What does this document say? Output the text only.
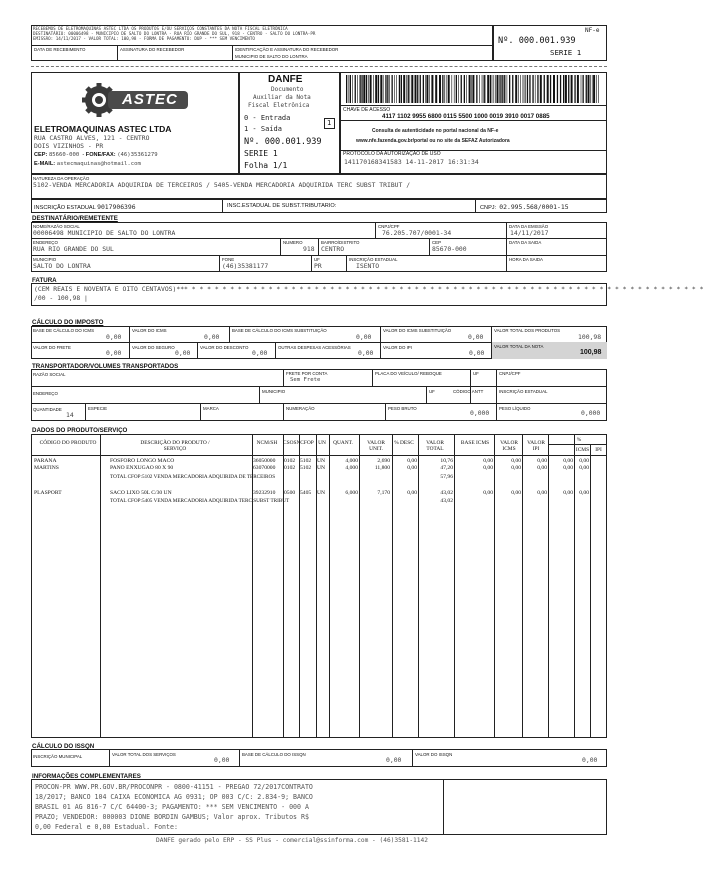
RECEBEMOS DE ELETROMAQUINAS ASTEC LTDA OS PRODUTOS E/OU SERVIÇOS CONSTANTES DA NOTA FISCAL ELETRÔNICA
DESTINATÁRIO: 00006498 - MUNICIPIO DE SALTO DO LONTRA - RUA RIO GRANDE DO SUL, 918 - CENTRO - SALTO DO LONTRA-PR
EMISSÃO: 14/11/2017 - VALOR TOTAL: 100,98 - FORMA DE PAGAMENTO: DUP - *** SEM VENCIMENTO
DATA DE RECEBIMENTO	ASSINATURA DO RECEBEDOR	IDENTIFICAÇÃO E ASSINATURA DO RECEBEDOR
MUNICIPIO DE SALTO DO LONTRA
NF-e
Nº. 000.001.939
SERIE 1
ASTEC
ELETROMAQUINAS ASTEC LTDA
RUA CASTRO ALVES, 121 - CENTRO
DOIS VIZINHOS - PR
CEP: 85660-000  - FONE/FAX: (46)35361279
E-MAIL: astecmaquinas@hotmail.com
DANFE
Documento
Auxiliar da Nota
Fiscal Eletrônica
0 - Entrada
1 - Saída
1
Nº. 000.001.939
SERIE 1
Folha 1/1
CHAVE DE ACESSO
4117 1102 9955 6800 0115 5500 1000 0019 3910 0017 0885
Consulta de autenticidade no portal nacional da NF-e
www.nfe.fazenda.gov.br/portal ou no site da SEFAZ Autorizadora
PROTOCOLO DA AUTORIZAÇÃO DE USO
141170168341583 14-11-2017 16:31:34
NATUREZA DA OPERAÇÃO
5102-VENDA MERCADORIA ADQUIRIDA DE TERCEIROS / 5405-VENDA MERCADORIA ADQUIRIDA TERC SUBST TRIBUT /
INSCRIÇÃO ESTADUAL 9017906396	INSC.ESTADUAL DE SUBST.TRIBUTARIO:	CNPJ: 02.995.568/0001-15
DESTINATÁRIO/REMETENTE
NOME/RAZÃO SOCIAL
00006498 MUNICIPIO DE SALTO DO LONTRA
CNPJ/CPF
76.205.707/0001-34
DATA DA EMISSÃO
14/11/2017
ENDEREÇO
RUA RIO GRANDE DO SUL
NUMERO
918
BAIRRO/DISTRITO
CENTRO
CEP
85670-000
DATA DA SAIDA
MUNICIPIO
SALTO DO LONTRA
FONE
(46)35381177
UF
PR
INSCRIÇÃO ESTADUAL
ISENTO
HORA DA SAIDA
FATURA
(CEM REAIS E NOVENTA E OITO CENTAVOS)*** * * * * * * * * * * * * * * * * * * * * * * * * * * * * * * * * * * * * * * * * * * * * * * * * * * * * * * * * * * * * * * * * * * *
/00 - 100,98 |
CÁLCULO DO IMPOSTO
BASE DE CÁLCULO DO ICMS
0,00
VALOR DO ICMS
0,00
BASE DE CÁLCULO DO ICMS SUBSTITUIÇÃO
0,00
VALOR DO ICMS SUBSTITUIÇÃO
0,00
VALOR TOTAL DOS PRODUTOS
100,98
VALOR DO FRETE
0,00
VALOR DO SEGURO
0,00
VALOR DO DESCONTO
0,00
OUTRAS DESPESAS ACESSÓRIAS
0,00
VALOR DO IPI
0,00
VALOR TOTAL DA NOTA
100,98
TRANSPORTADOR/VOLUMES TRANSPORTADOS
RAZÃO SOCIAL	FRETE POR CONTA
Sem Frete
PLACA DO VEÍCULO/ REBOQUE	UF	CNPJ/CPF
ENDEREÇO	MUNICIPIO	UF	CÓDIGO ANTT	INSCRIÇÃO ESTADUAL
QUANTIDADE
14
ESPECIE	MARCA	NUMERAÇÃO	PESO BRUTO
0,000
PESO LÍQUIDO
0,000
DADOS DO PRODUTO/SERVIÇO
CÓDIGO DO PRODUTO	DESCRIÇÃO DO PRODUTO / SERVIÇO
NCM/SH	CSOSN CFOP UN	QUANT.	VALOR UNIT.
% DESC	VALOR TOTAL
BASE ICMS	VALOR ICMS
VALOR IPI
%
ICMS	IPI
PARANA	FOSFORO LONGO MACO	36050000	0102 5102	UN	4,000	2,690	0,00	10,76	0,00	0,00	0,00	0,00	0,00
MARTINS	PANO ENXUGAO 80 X 90	63070000	0102 5102	UN	4,000	11,800	0,00	47,20	0,00	0,00	0,00	0,00	0,00
TOTAL CFOP:5102 VENDA MERCADORIA ADQUIRIDA DE TERCEIROS	57,96
PLASPORT	SACO LIXO 50L C/30 UN	39232910	0500 5405	UN	6,000	7,170	0,00	43,02	0,00	0,00	0,00	0,00	0,00
TOTAL CFOP:5405 VENDA MERCADORIA ADQUIRIDA TERC SUBST TRIBUT	43,02
CÁLCULO DO ISSQN
INSCRIÇÃO MUNICIPAL	VALOR TOTAL DOS SERVIÇOS
0,00
BASE DE CÁLCULO DO ISSQN
0,00
VALOR DO ISSQN
0,00
INFORMAÇÕES COMPLEMENTARES
PROCON-PR WWW.PR.GOV.BR/PROCONPR - 0800-41151 - PREGAO 72/2017CONTRATO
18/2017; BANCO 104 CAIXA ECONOMICA AG 0931; OP 003 C/C: 2.834-9; BANCO
BRASIL 01 AG 816-7 C/C 64400-3; PAGAMENTO: *** SEM VENCIMENTO - 000 A
PRAZO; VENDEDOR: 000003 DIONE BORDIN GAMBUS; Valor aprox. Tributos R$
0,00 Federal e 0,00 Estadual. Fonte:
DANFE gerado pelo ERP - SS Plus - comercial@ssinforma.com - (46)3581-1142
